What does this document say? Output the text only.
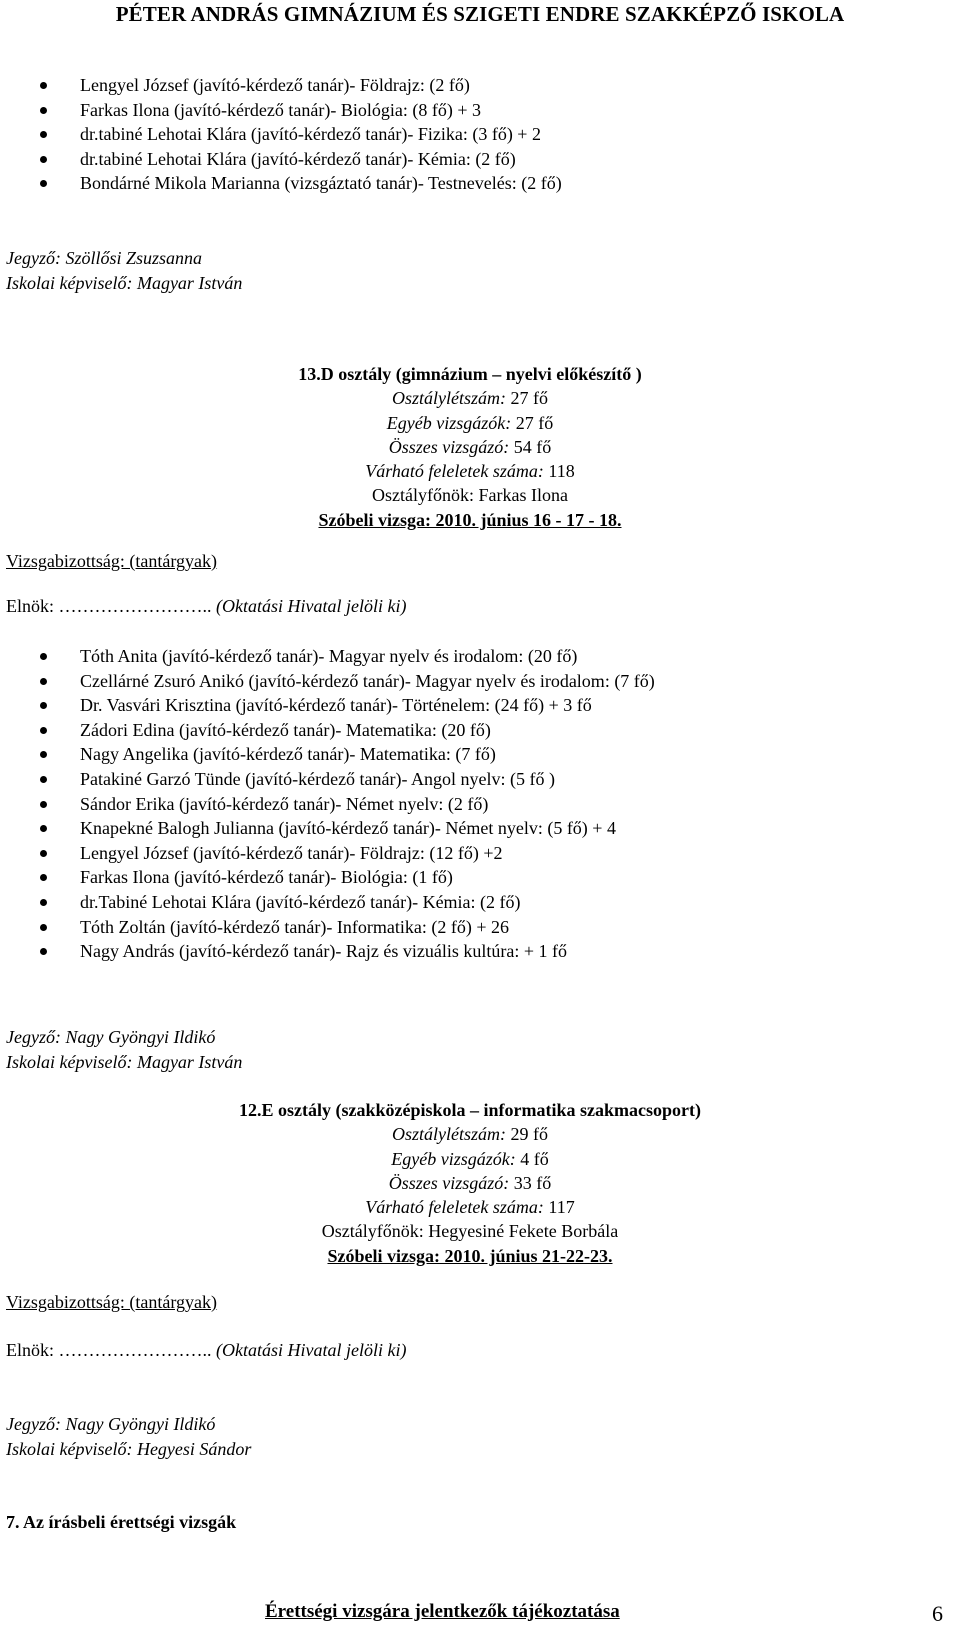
PÉTER ANDRÁS GIMNÁZIUM ÉS SZIGETI ENDRE SZAKKÉPZŐ ISKOLA
Lengyel József (javító-kérdező tanár)- Földrajz: (2 fő)
Farkas Ilona (javító-kérdező tanár)- Biológia: (8 fő) + 3
dr.tabiné Lehotai Klára (javító-kérdező tanár)- Fizika: (3 fő) + 2
dr.tabiné Lehotai Klára (javító-kérdező tanár)- Kémia: (2 fő)
Bondárné Mikola Marianna (vizsgáztató tanár)- Testnevelés: (2 fő)
Jegyző: Szöllősi Zsuzsanna
Iskolai képviselő: Magyar István
13.D osztály (gimnázium – nyelvi előkészítő )
Osztálylétszám: 27 fő
Egyéb vizsgázók: 27 fő
Összes vizsgázó: 54 fő
Várható feleletek száma: 118
Osztályfőnök: Farkas Ilona
Szóbeli vizsga: 2010. június 16 - 17 - 18.
Vizsgabizottság: (tantárgyak)
Elnök: …………………….. (Oktatási Hivatal jelöli ki)
Tóth Anita (javító-kérdező tanár)- Magyar nyelv és irodalom: (20 fő)
Czellárné Zsuró Anikó (javító-kérdező tanár)- Magyar nyelv és irodalom: (7 fő)
Dr. Vasvári Krisztina (javító-kérdező tanár)- Történelem: (24 fő) + 3 fő
Zádori Edina (javító-kérdező tanár)- Matematika: (20 fő)
Nagy Angelika (javító-kérdező tanár)- Matematika: (7 fő)
Patakiné Garzó Tünde (javító-kérdező tanár)- Angol nyelv: (5 fő )
Sándor Erika (javító-kérdező tanár)- Német nyelv: (2 fő)
Knapekné Balogh Julianna (javító-kérdező tanár)- Német nyelv: (5 fő) + 4
Lengyel József (javító-kérdező tanár)- Földrajz: (12 fő) +2
Farkas Ilona (javító-kérdező tanár)- Biológia: (1 fő)
dr.Tabiné Lehotai Klára (javító-kérdező tanár)- Kémia: (2 fő)
Tóth Zoltán (javító-kérdező tanár)- Informatika: (2 fő) + 26
Nagy András (javító-kérdező tanár)- Rajz és vizuális kultúra: + 1 fő
Jegyző: Nagy Gyöngyi Ildikó
Iskolai képviselő: Magyar István
12.E osztály (szakközépiskola – informatika szakmacsoport)
Osztálylétszám: 29 fő
Egyéb vizsgázók: 4 fő
Összes vizsgázó: 33 fő
Várható feleletek száma: 117
Osztályfőnök: Hegyesiné Fekete Borbála
Szóbeli vizsga: 2010. június 21-22-23.
Vizsgabizottság: (tantárgyak)
Elnök: …………………….. (Oktatási Hivatal jelöli ki)
Jegyző: Nagy Gyöngyi Ildikó
Iskolai képviselő: Hegyesi Sándor
7. Az írásbeli érettségi vizsgák
Érettségi vizsgára jelentkezők tájékoztatása	6
